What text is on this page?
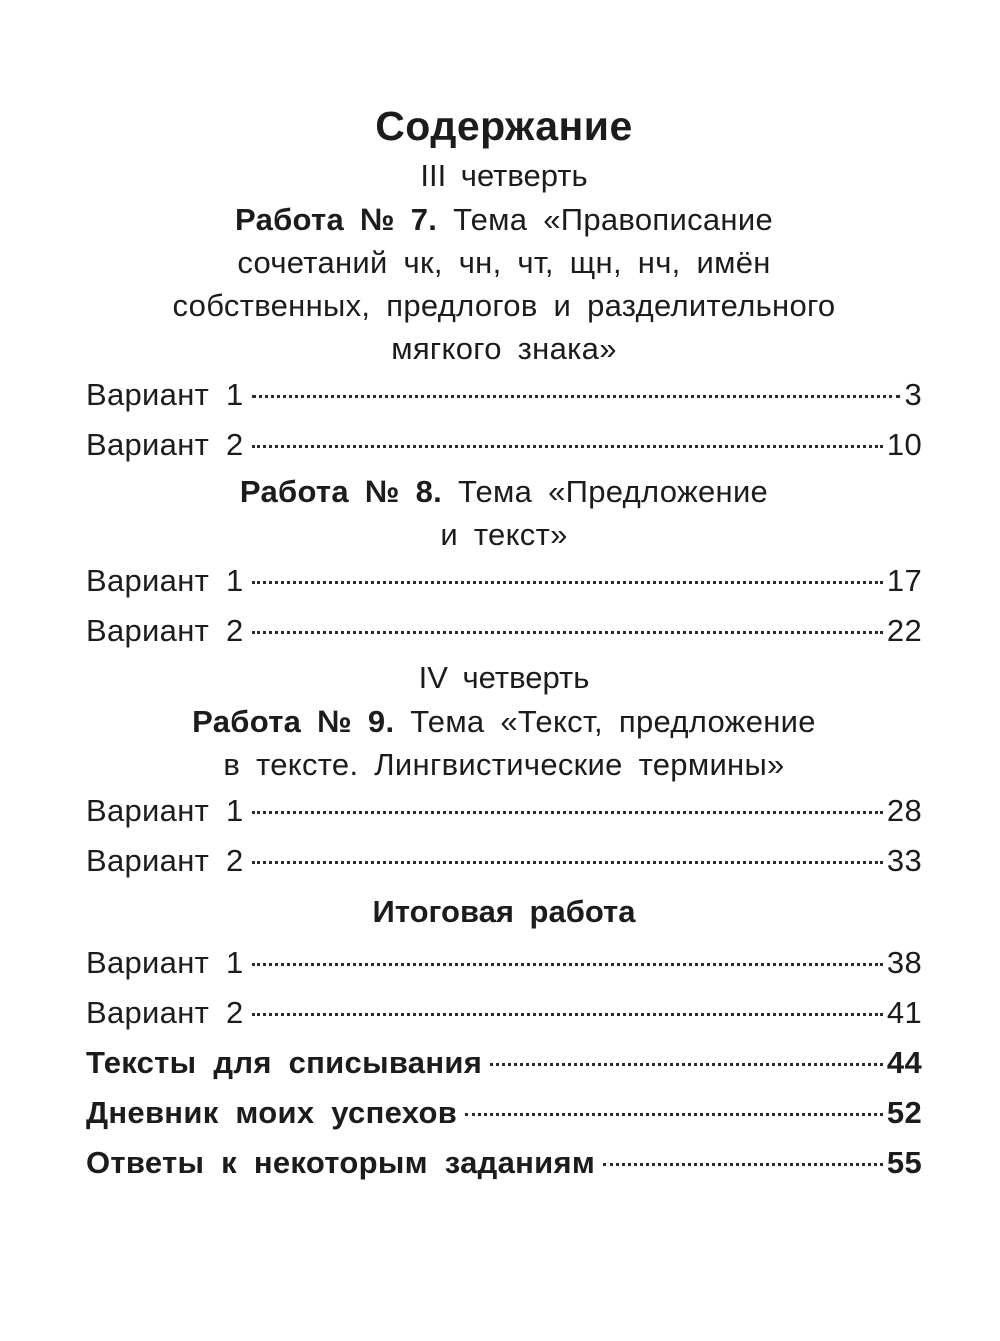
Содержание
III четверть
Работа № 7. Тема «Правописание
сочетаний чк, чн, чт, щн, нч, имён
собственных, предлогов и разделительного
мягкого знака»
Вариант 1	3
Вариант 2	10
Работа № 8. Тема «Предложение
и текст»
Вариант 1	17
Вариант 2	22
IV четверть
Работа № 9. Тема «Текст, предложение
в тексте. Лингвистические термины»
Вариант 1	28
Вариант 2	33
Итоговая работа
Вариант 1	38
Вариант 2	41
Тексты для списывания	44
Дневник моих успехов	52
Ответы к некоторым заданиям	55
